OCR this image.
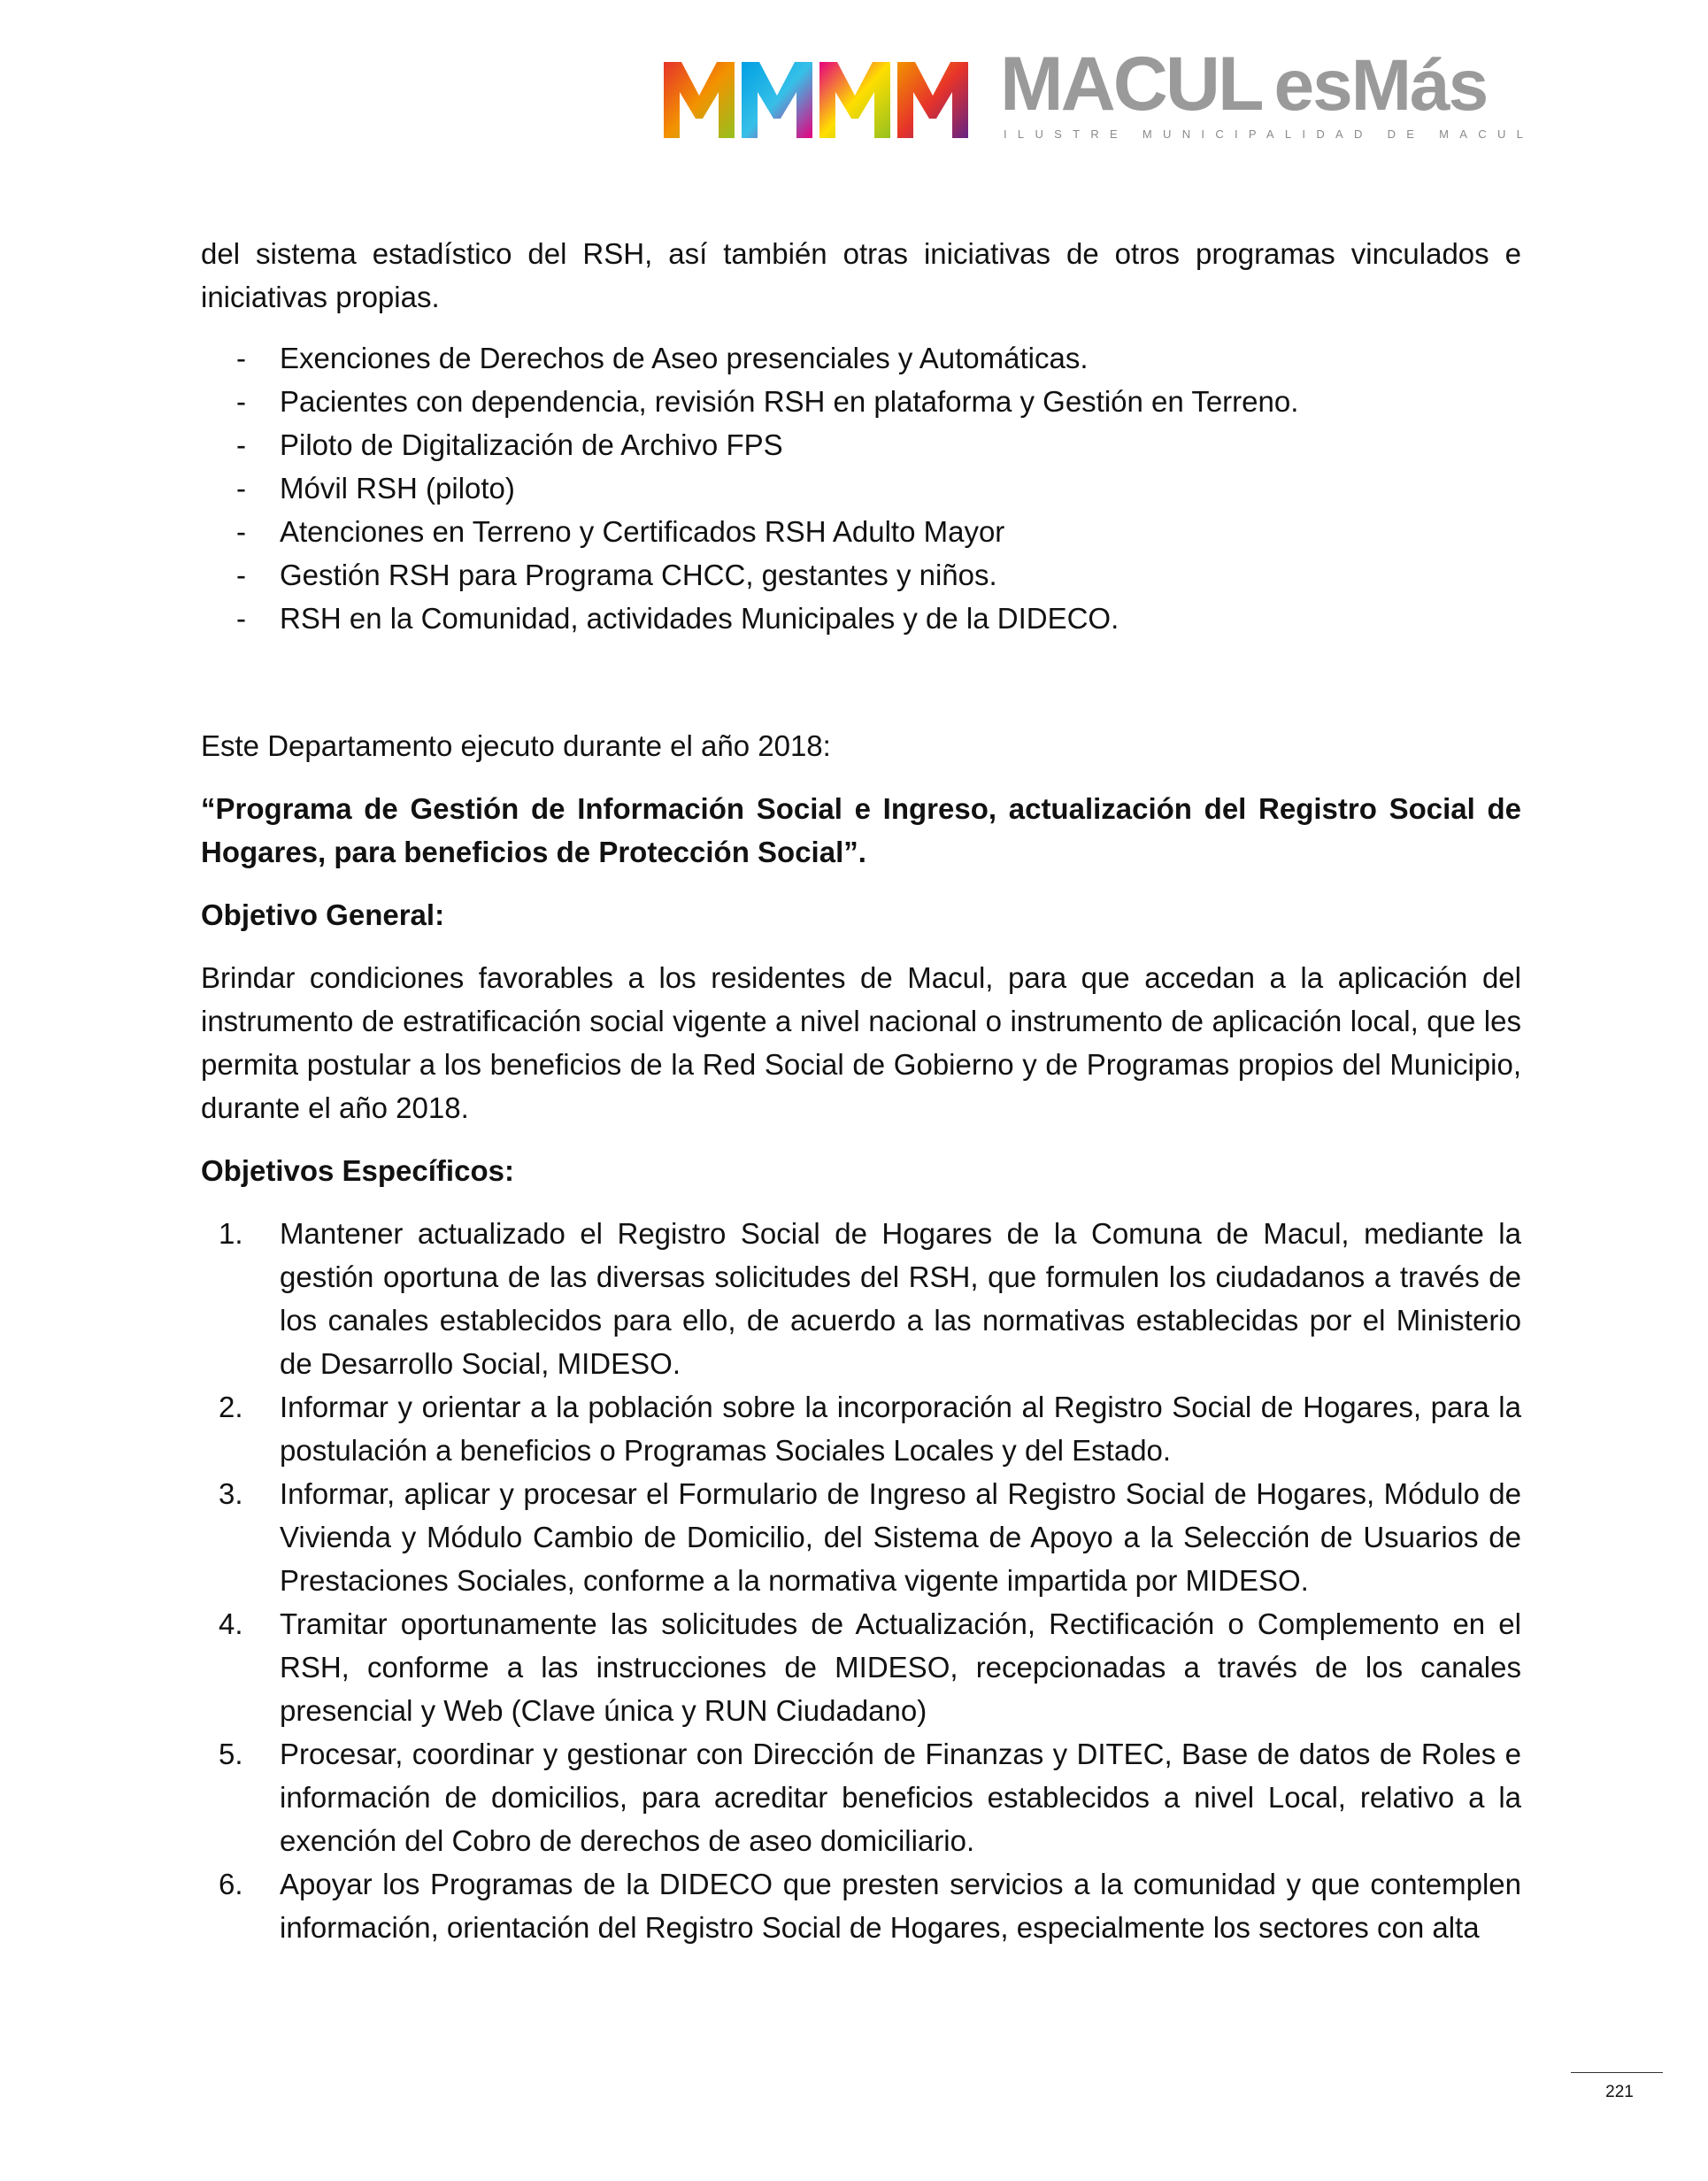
MACUL esMás
ILUSTRE MUNICIPALIDAD DE MACUL

del sistema estadístico del RSH, así también otras iniciativas de otros programas vinculados e iniciativas propias.

- Exenciones de Derechos de Aseo presenciales y Automáticas.
- Pacientes con dependencia, revisión RSH en plataforma y Gestión en Terreno.
- Piloto de Digitalización de Archivo FPS
- Móvil RSH (piloto)
- Atenciones en Terreno y Certificados RSH Adulto Mayor
- Gestión RSH para Programa CHCC, gestantes y niños.
- RSH en la Comunidad, actividades Municipales y de la DIDECO.

Este Departamento ejecuto durante el año 2018:

“Programa de Gestión de Información Social e Ingreso, actualización del Registro Social de Hogares, para beneficios de Protección Social”.

Objetivo General:

Brindar condiciones favorables a los residentes de Macul, para que accedan a la aplicación del instrumento de estratificación social vigente a nivel nacional o instrumento de aplicación local, que les permita postular a los beneficios de la Red Social de Gobierno y de Programas propios del Municipio, durante el año 2018.

Objetivos Específicos:

1. Mantener actualizado el Registro Social de Hogares de la Comuna de Macul, mediante la gestión oportuna de las diversas solicitudes del RSH, que formulen los ciudadanos a través de los canales establecidos para ello, de acuerdo a las normativas establecidas por el Ministerio de Desarrollo Social, MIDESO.
2. Informar y orientar a la población sobre la incorporación al Registro Social de Hogares, para la postulación a beneficios o Programas Sociales Locales y del Estado.
3. Informar, aplicar y procesar el Formulario de Ingreso al Registro Social de Hogares, Módulo de Vivienda y Módulo Cambio de Domicilio, del Sistema de Apoyo a la Selección de Usuarios de Prestaciones Sociales, conforme a la normativa vigente impartida por MIDESO.
4. Tramitar oportunamente las solicitudes de Actualización, Rectificación o Complemento en el RSH, conforme a las instrucciones de MIDESO, recepcionadas a través de los canales presencial y Web (Clave única y RUN Ciudadano)
5. Procesar, coordinar y gestionar con Dirección de Finanzas y DITEC, Base de datos de Roles e información de domicilios, para acreditar beneficios establecidos a nivel Local, relativo a la exención del Cobro de derechos de aseo domiciliario.
6. Apoyar los Programas de la DIDECO que presten servicios a la comunidad y que contemplen información, orientación del Registro Social de Hogares, especialmente los sectores con alta
221
